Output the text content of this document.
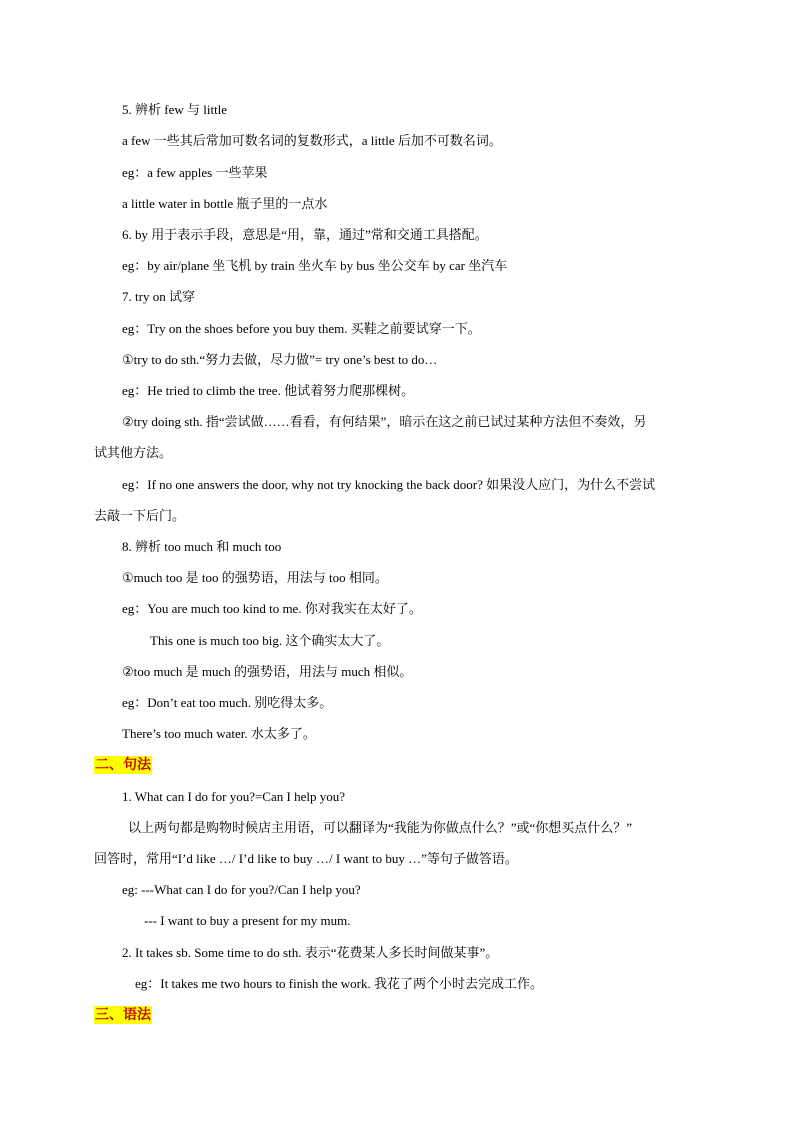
5. 辨析 few 与 little
a few 一些其后常加可数名词的复数形式，a little 后加不可数名词。
eg：a few apples 一些苹果
a little water in bottle 瓶子里的一点水
6. by 用于表示手段，意思是“用，靠，通过”常和交通工具搭配。
eg：by air/plane 坐飞机 by train 坐火车 by bus 坐公交车 by car 坐汽车
7. try on 试穿
eg：Try on the shoes before you buy them. 买鞋之前要试穿一下。
①try to do sth.“努力去做，尽力做”= try one’s best to do…
eg：He tried to climb the tree. 他试着努力爬那棵树。
②try doing sth. 指“尝试做……看看，有何结果”，暗示在这之前已试过某种方法但不奏效，另
试其他方法。
eg：If no one answers the door, why not try knocking the back door? 如果没人应门，为什么不尝试
去敲一下后门。
8. 辨析 too much 和 much too
①much too 是 too 的强势语，用法与 too 相同。
eg：You are much too kind to me. 你对我实在太好了。
This one is much too big. 这个确实太大了。
②too much 是 much 的强势语，用法与 much 相似。
eg：Don’t eat too much. 别吃得太多。
There’s too much water. 水太多了。
二、句法
1. What can I do for you?=Can I help you?
以上两句都是购物时候店主用语，可以翻译为“我能为你做点什么？”或“你想买点什么？”
回答时，常用“I’d like …/ I’d like to buy …/ I want to buy …”等句子做答语。
eg: ---What can I do for you?/Can I help you?
--- I want to buy a present for my mum.
2. It takes sb. Some time to do sth. 表示“花费某人多长时间做某事”。
eg：It takes me two hours to finish the work. 我花了两个小时去完成工作。
三、语法
